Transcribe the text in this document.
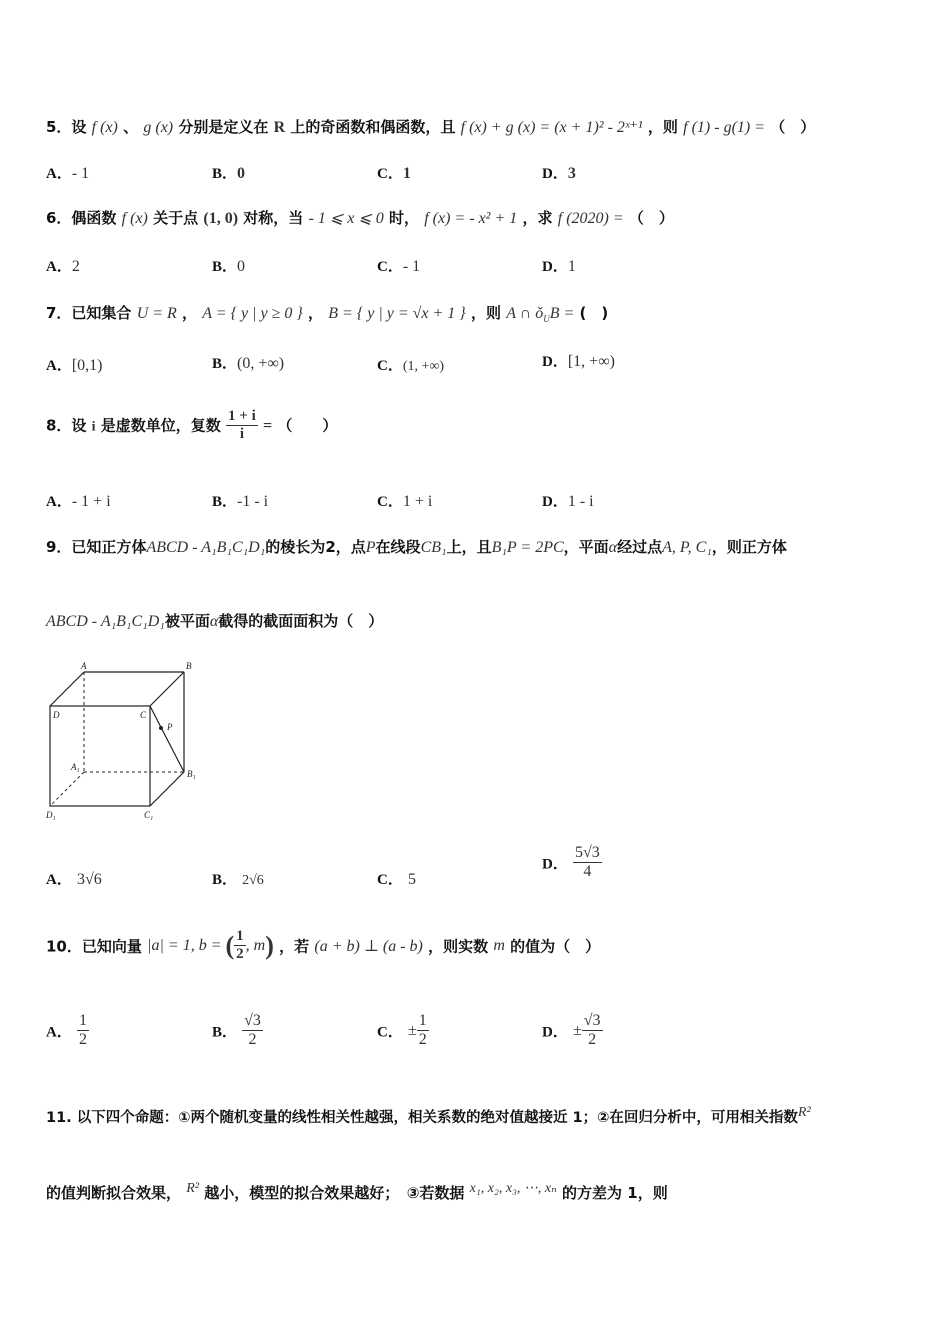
5．设 f (x) 、 g (x) 分别是定义在 R 上的奇函数和偶函数，且 f (x) + g (x) = (x + 1)² - 2ˣ⁺¹ ，则 f (1) - g(1) = （　）
A．- 1	B．0	C．1	D．3
6．偶函数 f (x) 关于点 (1, 0) 对称，当 - 1 ⩽ x ⩽ 0 时， f (x) = - x² + 1 ，求 f (2020) = （　）
A．2	B．0	C．- 1	D．1
7．已知集合 U = R ， A = { y | y ≥ 0 } ， B = { y | y = √x + 1 } ，则 A ∩ $ǒ_UB$ = (　)
A．[0,1)	B．(0, +∞)	C．(1, +∞)	D．[1, +∞)
8．设 i 是虚数单位，复数 $\frac{1 + i}{i}$ = （　　）
A．- 1 + i	B．-1 - i	C．1 + i	D．1 - i
9．已知正方体ABCD - A₁B₁C₁D₁的棱长为2，点P在线段CB₁上，且B₁P = 2PC，平面α经过点A, P, C₁，则正方体
ABCD - A₁B₁C₁D₁被平面α截得的截面面积为（　）
A	B
C
D
P
A₁
B₁
C₁
D₁
A． 3√6	B． 2√6	C． 5
D． $\frac{5√3}{4}$
10．已知向量 |a| = 1, b = ( $\frac{1}{2}$ , m) ，若 (a + b) ⊥ (a - b) ，则实数 m 的值为（　）
A． $\frac{1}{2}$	B． $\frac{√3}{2}$	C． ± $\frac{1}{2}$	D． ± $\frac{√3}{2}$
11. 以下四个命题：①两个随机变量的线性相关性越强，相关系数的绝对值越接近 1；②在回归分析中，可用相关指数R²
的值判断拟合效果， R² 越小，模型的拟合效果越好；　③若数据 x₁, x₂, x₃, ⋯, xₙ 的方差为 1，则
